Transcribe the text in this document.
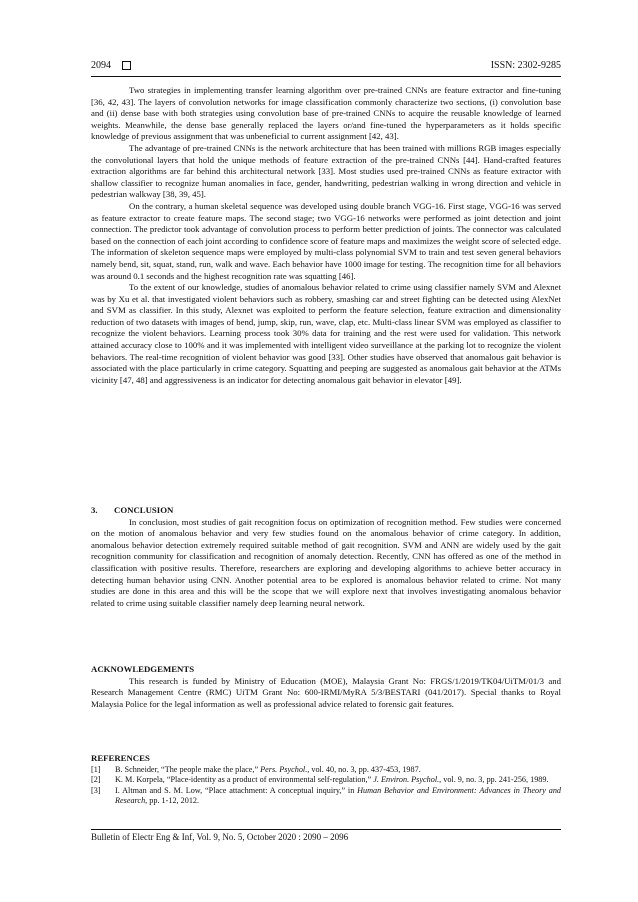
2094	ISSN: 2302-9285

Two strategies in implementing transfer learning algorithm over pre-trained CNNs are feature extractor and fine-tuning [36, 42, 43]. The layers of convolution networks for image classification commonly characterize two sections, (i) convolution base and (ii) dense base with both strategies using convolution base of pre-trained CNNs to acquire the reusable knowledge of learned weights. Meanwhile, the dense base generally replaced the layers or/and fine-tuned the hyperparameters as it holds specific knowledge of previous assignment that was unbeneficial to current assignment [42, 43].

The advantage of pre-trained CNNs is the network architecture that has been trained with millions RGB images especially the convolutional layers that hold the unique methods of feature extraction of the pre-trained CNNs [44]. Hand-crafted features extraction algorithms are far behind this architectural network [33]. Most studies used pre-trained CNNs as feature extractor with shallow classifier to recognize human anomalies in face, gender, handwriting, pedestrian walking in wrong direction and vehicle in pedestrian walkway [38, 39, 45].

On the contrary, a human skeletal sequence was developed using double branch VGG-16. First stage, VGG-16 was served as feature extractor to create feature maps. The second stage; two VGG-16 networks were performed as joint detection and joint connection. The predictor took advantage of convolution process to perform better prediction of joints. The connector was calculated based on the connection of each joint according to confidence score of feature maps and maximizes the weight score of selected edge. The information of skeleton sequence maps were employed by multi-class polynomial SVM to train and test seven general behaviors namely bend, sit, squat, stand, run, walk and wave. Each behavior have 1000 image for testing. The recognition time for all behaviors was around 0.1 seconds and the highest recognition rate was squatting [46].

To the extent of our knowledge, studies of anomalous behavior related to crime using classifier namely SVM and Alexnet was by Xu et al. that investigated violent behaviors such as robbery, smashing car and street fighting can be detected using AlexNet and SVM as classifier. In this study, Alexnet was exploited to perform the feature selection, feature extraction and dimensionality reduction of two datasets with images of bend, jump, skip, run, wave, clap, etc. Multi-class linear SVM was employed as classifier to recognize the violent behaviors. Learning process took 30% data for training and the rest were used for validation. This network attained accuracy close to 100% and it was implemented with intelligent video surveillance at the parking lot to recognize the violent behaviors. The real-time recognition of violent behavior was good [33]. Other studies have observed that anomalous gait behavior is associated with the place particularly in crime category. Squatting and peeping are suggested as anomalous gait behavior at the ATMs vicinity [47, 48] and aggressiveness is an indicator for detecting anomalous gait behavior in elevator [49].

3.	CONCLUSION

In conclusion, most studies of gait recognition focus on optimization of recognition method. Few studies were concerned on the motion of anomalous behavior and very few studies found on the anomalous behavior of crime category. In addition, anomalous behavior detection extremely required suitable method of gait recognition. SVM and ANN are widely used by the gait recognition community for classification and recognition of anomaly detection. Recently, CNN has offered as one of the method in classification with positive results. Therefore, researchers are exploring and developing algorithms to achieve better accuracy in detecting human behavior using CNN. Another potential area to be explored is anomalous behavior related to crime. Not many studies are done in this area and this will be the scope that we will explore next that involves investigating anomalous behavior related to crime using suitable classifier namely deep learning neural network.

ACKNOWLEDGEMENTS

This research is funded by Ministry of Education (MOE), Malaysia Grant No: FRGS/1/2019/TK04/UiTM/01/3 and Research Management Centre (RMC) UiTM Grant No: 600-IRMI/MyRA 5/3/BESTARI (041/2017). Special thanks to Royal Malaysia Police for the legal information as well as professional advice related to forensic gait features.

REFERENCES
[1]	B. Schneider, “The people make the place,” Pers. Psychol., vol. 40, no. 3, pp. 437-453, 1987.
[2]	K. M. Korpela, “Place-identity as a product of environmental self-regulation,” J. Environ. Psychol., vol. 9, no. 3, pp. 241-256, 1989.
[3]	I. Altman and S. M. Low, “Place attachment: A conceptual inquiry,” in Human Behavior and Environment: Advances in Theory and Research, pp. 1-12, 2012.
Bulletin of Electr Eng & Inf, Vol. 9, No. 5, October 2020 : 2090 – 2096
